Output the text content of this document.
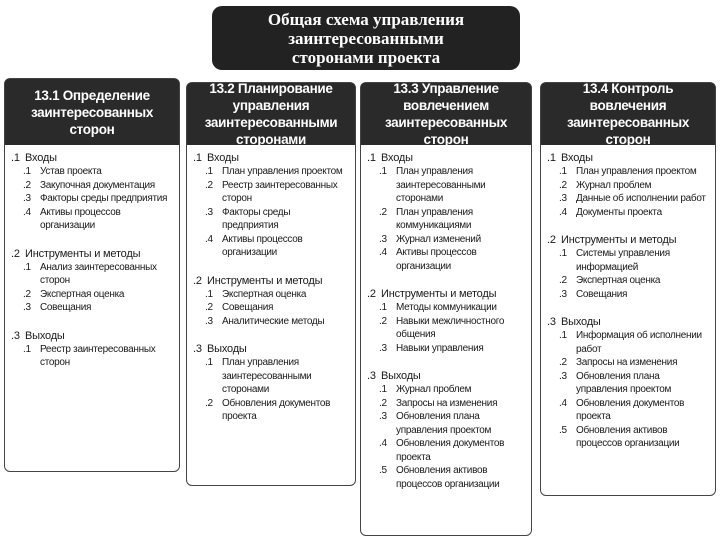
Общая схема управления
заинтересованными
сторонами проекта
13.1 Определение
заинтересованных сторон
.1 Входы
.1 Устав проекта
.2 Закупочная документация
.3 Факторы среды предприятия
.4 Активы процессов организации
.2 Инструменты и методы
.1 Анализ заинтересованных сторон
.2 Экспертная оценка
.3 Совещания
.3 Выходы
.1 Реестр заинтересованных сторон
13.2 Планирование
управления
заинтересованными сторонами
.1 Входы
.1 План управления проектом
.2 Реестр заинтересованных сторон
.3 Факторы среды предприятия
.4 Активы процессов организации
.2 Инструменты и методы
.1 Экспертная оценка
.2 Совещания
.3 Аналитические методы
.3 Выходы
.1 План управления заинтересованными сторонами
.2 Обновления документов проекта
13.3 Управление вовлечением
заинтересованных сторон
.1 Входы
.1 План управления заинтересованными сторонами
.2 План управления коммуникациями
.3 Журнал изменений
.4 Активы процессов организации
.2 Инструменты и методы
.1 Методы коммуникации
.2 Навыки межличностного общения
.3 Навыки управления
.3 Выходы
.1 Журнал проблем
.2 Запросы на изменения
.3 Обновления плана управления проектом
.4 Обновления документов проекта
.5 Обновления активов процессов организации
13.4 Контроль вовлечения
заинтересованных сторон
.1 Входы
.1 План управления проектом
.2 Журнал проблем
.3 Данные об исполнении работ
.4 Документы проекта
.2 Инструменты и методы
.1 Системы управления информацией
.2 Экспертная оценка
.3 Совещания
.3 Выходы
.1 Информация об исполнении работ
.2 Запросы на изменения
.3 Обновления плана управления проектом
.4 Обновления документов проекта
.5 Обновления активов процессов организации
